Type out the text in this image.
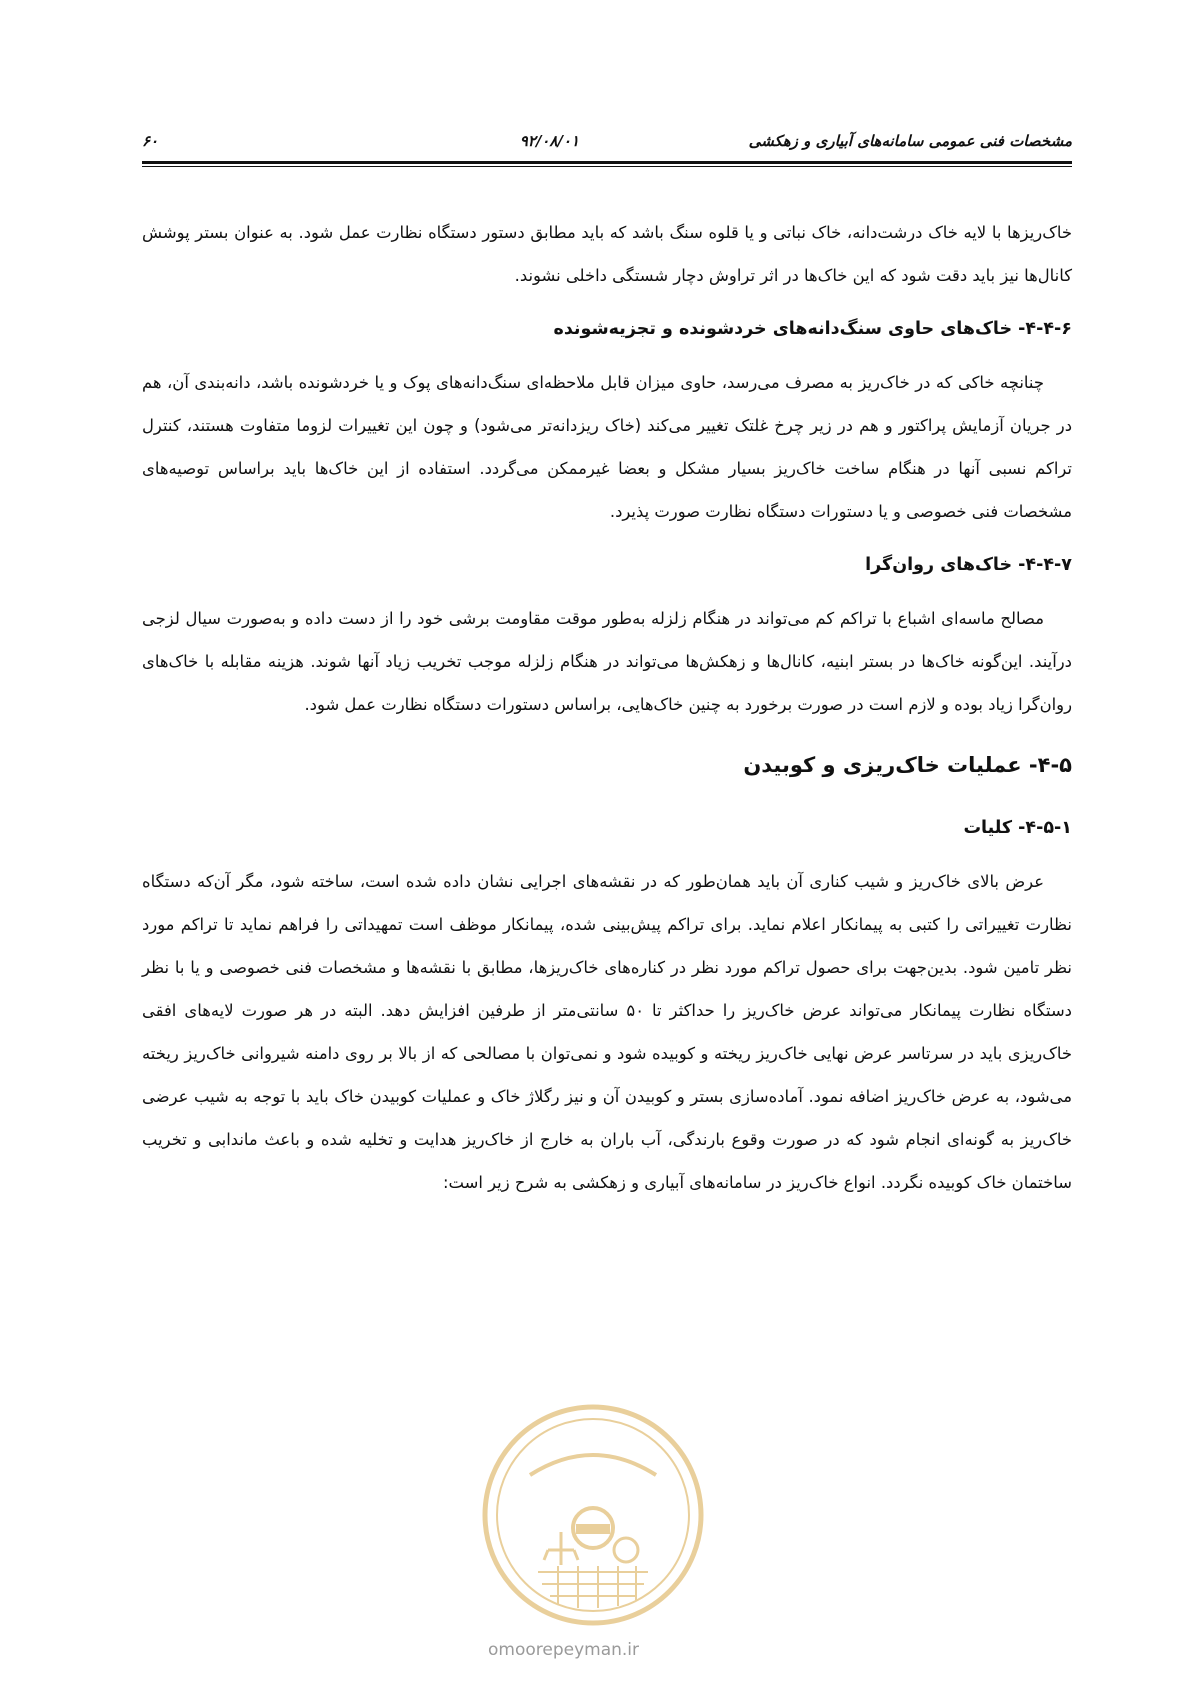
مشخصات فنی عمومی سامانه‌های آبیاری و زهکشی
۹۲/۰۸/۰۱
۶۰

خاک‌ریزها با لایه خاک درشت‌دانه، خاک نباتی و یا قلوه سنگ باشد که باید مطابق دستور دستگاه نظارت عمل شود. به عنوان بستر پوشش کانال‌ها نیز باید دقت شود که این خاک‌ها در اثر تراوش دچار شستگی داخلی نشوند.

۴-۴-۶- خاک‌های حاوی سنگ‌دانه‌های خردشونده و تجزیه‌شونده

چنانچه خاکی که در خاک‌ریز به مصرف می‌رسد، حاوی میزان قابل ملاحظه‌ای سنگ‌دانه‌های پوک و یا خردشونده باشد، دانه‌بندی آن، هم در جریان آزمایش پراکتور و هم در زیر چرخ غلتک تغییر می‌کند (خاک ریزدانه‌تر می‌شود) و چون این تغییرات لزوما متفاوت هستند، کنترل تراکم نسبی آنها در هنگام ساخت خاک‌ریز بسیار مشکل و بعضا غیرممکن می‌گردد. استفاده از این خاک‌ها باید براساس توصیه‌های مشخصات فنی خصوصی و یا دستورات دستگاه نظارت صورت پذیرد.

۴-۴-۷- خاک‌های روان‌گرا

مصالح ماسه‌ای اشباع با تراکم کم می‌تواند در هنگام زلزله به‌طور موقت مقاومت برشی خود را از دست داده و به‌صورت سیال لزجی درآیند. این‌گونه خاک‌ها در بستر ابنیه، کانال‌ها و زهکش‌ها می‌تواند در هنگام زلزله موجب تخریب زیاد آنها شوند. هزینه مقابله با خاک‌های روان‌گرا زیاد بوده و لازم است در صورت برخورد به چنین خاک‌هایی، براساس دستورات دستگاه نظارت عمل شود.

۴-۵- عملیات خاک‌ریزی و کوبیدن
۴-۵-۱- کلیات

عرض بالای خاک‌ریز و شیب کناری آن باید همان‌طور که در نقشه‌های اجرایی نشان داده شده است، ساخته شود، مگر آن‌که دستگاه نظارت تغییراتی را کتبی به پیمانکار اعلام نماید. برای تراکم پیش‌بینی شده، پیمانکار موظف است تمهیداتی را فراهم نماید تا تراکم مورد نظر تامین شود. بدین‌جهت برای حصول تراکم مورد نظر در کناره‌های خاک‌ریزها، مطابق با نقشه‌ها و مشخصات فنی خصوصی و یا با نظر دستگاه نظارت پیمانکار می‌تواند عرض خاک‌ریز را حداکثر تا ۵۰ سانتی‌متر از طرفین افزایش دهد. البته در هر صورت لایه‌های افقی خاک‌ریزی باید در سرتاسر عرض نهایی خاک‌ریز ریخته و کوبیده شود و نمی‌توان با مصالحی که از بالا بر روی دامنه شیروانی خاک‌ریز ریخته می‌شود، به عرض خاک‌ریز اضافه نمود. آماده‌سازی بستر و کوبیدن آن و نیز رگلاژ خاک و عملیات کوبیدن خاک باید با توجه به شیب عرضی خاک‌ریز به گونه‌ای انجام شود که در صورت وقوع بارندگی، آب باران به خارج از خاک‌ریز هدایت و تخلیه شده و باعث ماندابی و تخریب ساختمان خاک کوبیده نگردد. انواع خاک‌ریز در سامانه‌های آبیاری و زهکشی به شرح زیر است:

omoorepeyman.ir
